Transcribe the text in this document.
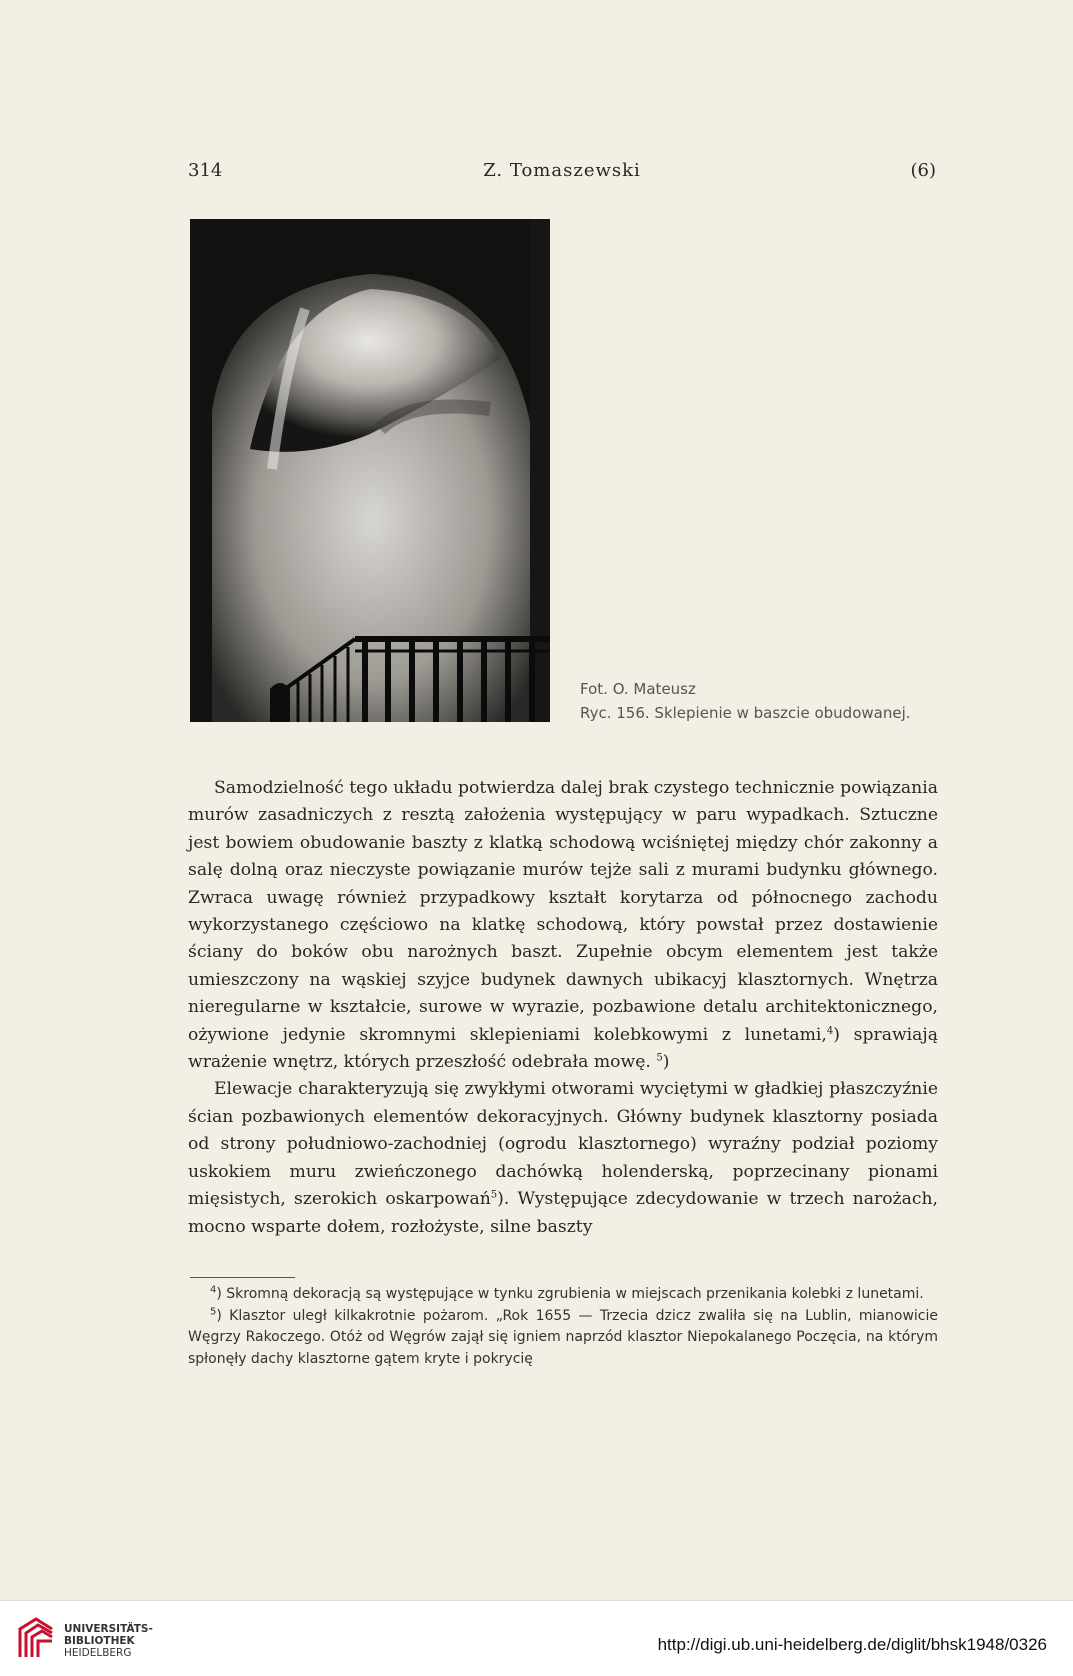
314	Z. Tomaszewski	(6)
Fot. O. Mateusz
Ryc. 156. Sklepienie w baszcie obudowanej.

Samodzielność tego układu potwierdza dalej brak czystego technicznie powiązania murów zasadniczych z resztą założenia występujący w paru wypadkach. Sztuczne jest bowiem obudowanie baszty z klatką schodową wciśniętej między chór zakonny a salę dolną oraz nieczyste powiązanie murów tejże sali z murami budynku głównego. Zwraca uwagę również przypadkowy kształt korytarza od północnego zachodu wykorzystanego częściowo na klatkę schodową, który powstał przez dostawienie ściany do boków obu narożnych baszt. Zupełnie obcym elementem jest także umieszczony na wąskiej szyjce budynek dawnych ubikacyj klasztornych. Wnętrza nieregularne w kształcie, surowe w wyrazie, pozbawione detalu architektonicznego, ożywione jedynie skromnymi sklepieniami kolebkowymi z lunetami,$^4$) sprawiają wrażenie wnętrz, których przeszłość odebrała mowę. $^5$)

Elewacje charakteryzują się zwykłymi otworami wyciętymi w gładkiej płaszczyźnie ścian pozbawionych elementów dekoracyjnych. Główny budynek klasztorny posiada od strony południowo-zachodniej (ogrodu klasztornego) wyraźny podział poziomy uskokiem muru zwieńczonego dachówką holenderską, poprzecinany pionami mięsistych, szerokich oskarpowań$^5$). Występujące zdecydowanie w trzech narożach, mocno wsparte dołem, rozłożyste, silne baszty

$^4$) Skromną dekoracją są występujące w tynku zgrubienia w miejscach przenikania kolebki z lunetami.

$^5$) Klasztor uległ kilkakrotnie pożarom. „Rok 1655 — Trzecia dzicz zwaliła się na Lublin, mianowicie Węgrzy Rakoczego. Otóż od Węgrów zajął się igniem naprzód klasztor Niepokalanego Poczęcia, na którym spłonęły dachy klasztorne gątem kryte i pokrycię

UNIVERSITÄTS-
BIBLIOTHEK
HEIDELBERG	http://digi.ub.uni-heidelberg.de/diglit/bhsk1948/0326
